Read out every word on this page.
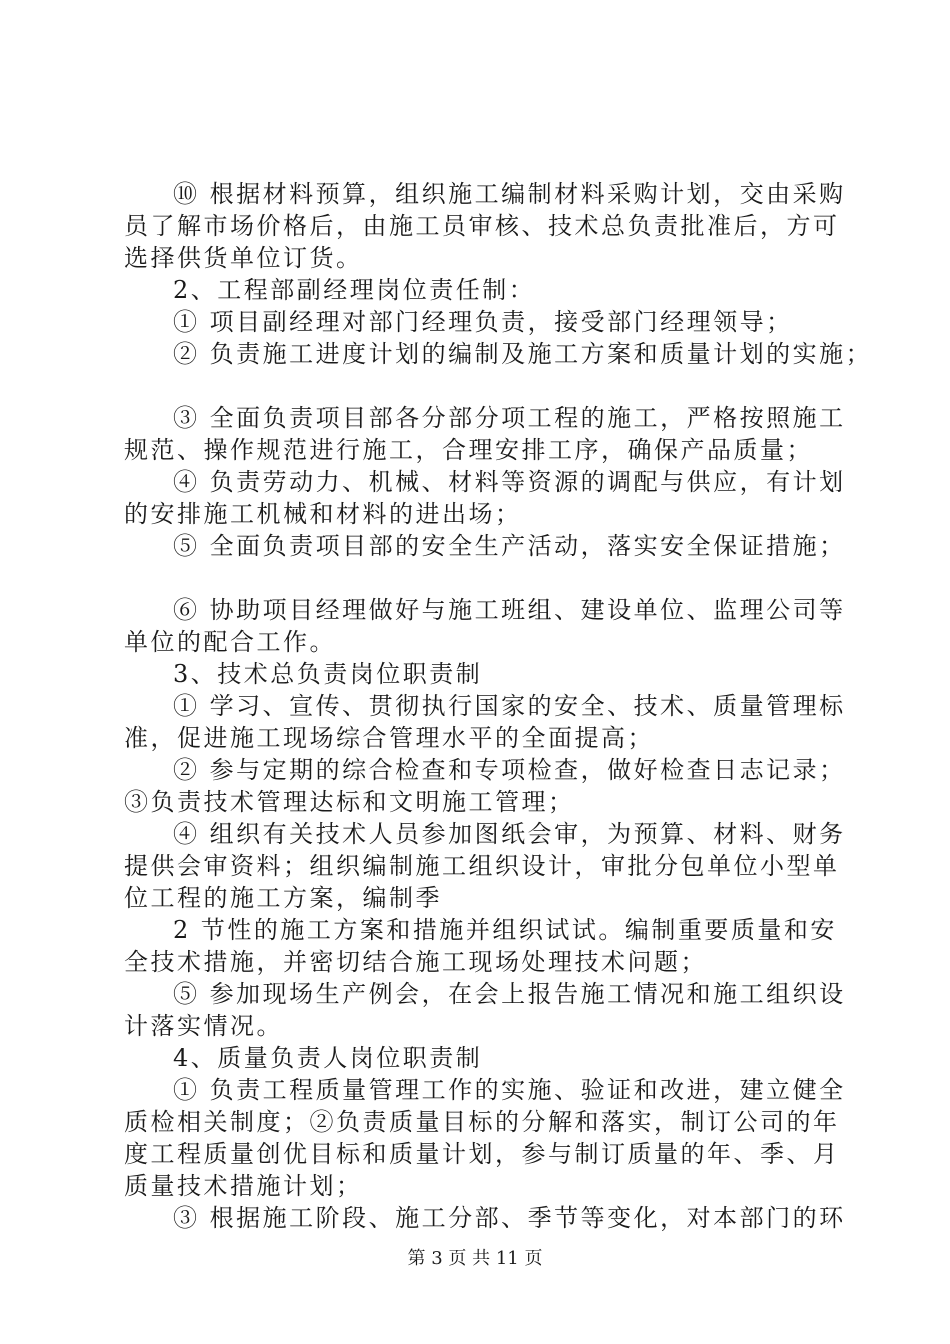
⑩ 根据材料预算，组织施工编制材料采购计划，交由采购
员了解市场价格后，由施工员审核、技术总负责批准后，方可
选择供货单位订货。
2、工程部副经理岗位责任制：
① 项目副经理对部门经理负责，接受部门经理领导；
② 负责施工进度计划的编制及施工方案和质量计划的实施；
③ 全面负责项目部各分部分项工程的施工，严格按照施工
规范、操作规范进行施工，合理安排工序，确保产品质量；
④ 负责劳动力、机械、材料等资源的调配与供应，有计划
的安排施工机械和材料的进出场；
⑤ 全面负责项目部的安全生产活动，落实安全保证措施；
⑥ 协助项目经理做好与施工班组、建设单位、监理公司等
单位的配合工作。
3、技术总负责岗位职责制
① 学习、宣传、贯彻执行国家的安全、技术、质量管理标
准，促进施工现场综合管理水平的全面提高；
② 参与定期的综合检查和专项检查，做好检查日志记录；
③负责技术管理达标和文明施工管理；
④ 组织有关技术人员参加图纸会审，为预算、材料、财务
提供会审资料；组织编制施工组织设计，审批分包单位小型单
位工程的施工方案，编制季
2 节性的施工方案和措施并组织试试。编制重要质量和安
全技术措施，并密切结合施工现场处理技术问题；
⑤ 参加现场生产例会，在会上报告施工情况和施工组织设
计落实情况。
4、质量负责人岗位职责制
① 负责工程质量管理工作的实施、验证和改进，建立健全
质检相关制度；②负责质量目标的分解和落实，制订公司的年
度工程质量创优目标和质量计划，参与制订质量的年、季、月
质量技术措施计划；
③ 根据施工阶段、施工分部、季节等变化，对本部门的环
第 3 页 共 11 页
